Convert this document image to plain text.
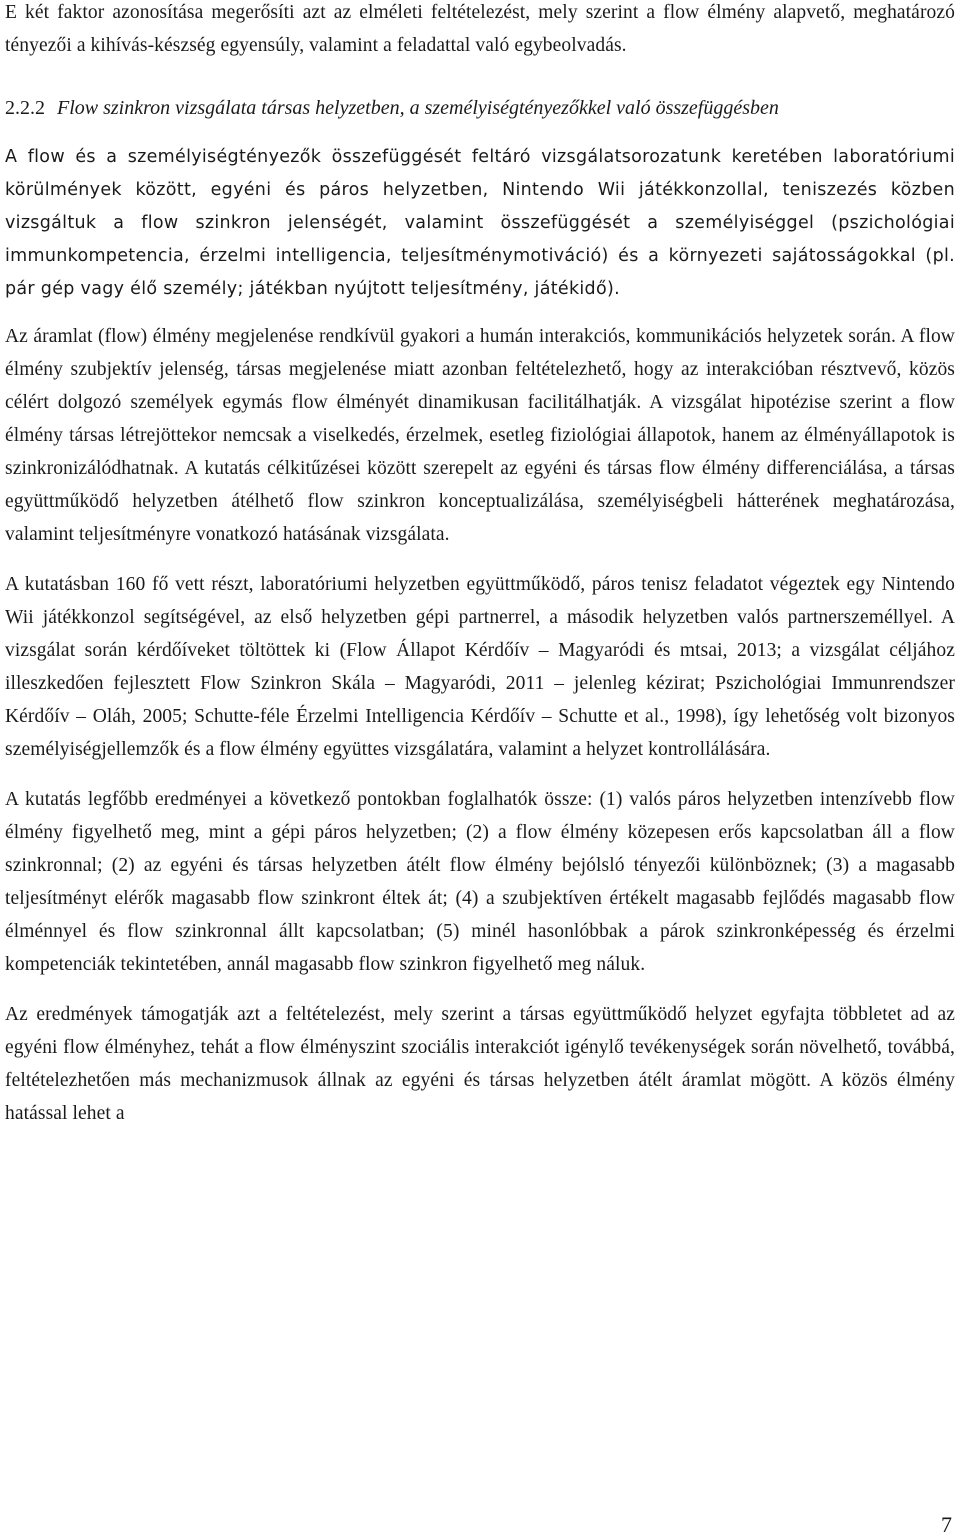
E két faktor azonosítása megerősíti azt az elméleti feltételezést, mely szerint a flow élmény alapvető, meghatározó tényezői a kihívás-készség egyensúly, valamint a feladattal való egybeolvadás.

2.2.2 Flow szinkron vizsgálata társas helyzetben, a személyiségtényezőkkel való összefüggésben

A flow és a személyiségtényezők összefüggését feltáró vizsgálatsorozatunk keretében laboratóriumi körülmények között, egyéni és páros helyzetben, Nintendo Wii játékkonzollal, teniszezés közben vizsgáltuk a flow szinkron jelenségét, valamint összefüggését a személyiséggel (pszichológiai immunkompetencia, érzelmi intelligencia, teljesítménymotiváció) és a környezeti sajátosságokkal (pl. pár gép vagy élő személy; játékban nyújtott teljesítmény, játékidő).

Az áramlat (flow) élmény megjelenése rendkívül gyakori a humán interakciós, kommunikációs helyzetek során. A flow élmény szubjektív jelenség, társas megjelenése miatt azonban feltételezhető, hogy az interakcióban résztvevő, közös célért dolgozó személyek egymás flow élményét dinamikusan facilitálhatják. A vizsgálat hipotézise szerint a flow élmény társas létrejöttekor nemcsak a viselkedés, érzelmek, esetleg fiziológiai állapotok, hanem az élményállapotok is szinkronizálódhatnak. A kutatás célkitűzései között szerepelt az egyéni és társas flow élmény differenciálása, a társas együttműködő helyzetben átélhető flow szinkron konceptualizálása, személyiségbeli hátterének meghatározása, valamint teljesítményre vonatkozó hatásának vizsgálata.

A kutatásban 160 fő vett részt, laboratóriumi helyzetben együttműködő, páros tenisz feladatot végeztek egy Nintendo Wii játékkonzol segítségével, az első helyzetben gépi partnerrel, a második helyzetben valós partnerszeméllyel. A vizsgálat során kérdőíveket töltöttek ki (Flow Állapot Kérdőív – Magyaródi és mtsai, 2013; a vizsgálat céljához illeszkedően fejlesztett Flow Szinkron Skála – Magyaródi, 2011 – jelenleg kézirat; Pszichológiai Immunrendszer Kérdőív – Oláh, 2005; Schutte-féle Érzelmi Intelligencia Kérdőív – Schutte et al., 1998), így lehetőség volt bizonyos személyiségjellemzők és a flow élmény együttes vizsgálatára, valamint a helyzet kontrollálására.

A kutatás legfőbb eredményei a következő pontokban foglalhatók össze: (1) valós páros helyzetben intenzívebb flow élmény figyelhető meg, mint a gépi páros helyzetben; (2) a flow élmény közepesen erős kapcsolatban áll a flow szinkronnal; (2) az egyéni és társas helyzetben átélt flow élmény bejólsló tényezői különböznek; (3) a magasabb teljesítményt elérők magasabb flow szinkront éltek át; (4) a szubjektíven értékelt magasabb fejlődés magasabb flow élménnyel és flow szinkronnal állt kapcsolatban; (5) minél hasonlóbbak a párok szinkronképesség és érzelmi kompetenciák tekintetében, annál magasabb flow szinkron figyelhető meg náluk.

Az eredmények támogatják azt a feltételezést, mely szerint a társas együttműködő helyzet egyfajta többletet ad az egyéni flow élményhez, tehát a flow élményszint szociális interakciót igénylő tevékenységek során növelhető, továbbá, feltételezhetően más mechanizmusok állnak az egyéni és társas helyzetben átélt áramlat mögött. A közös élmény hatással lehet a

7
